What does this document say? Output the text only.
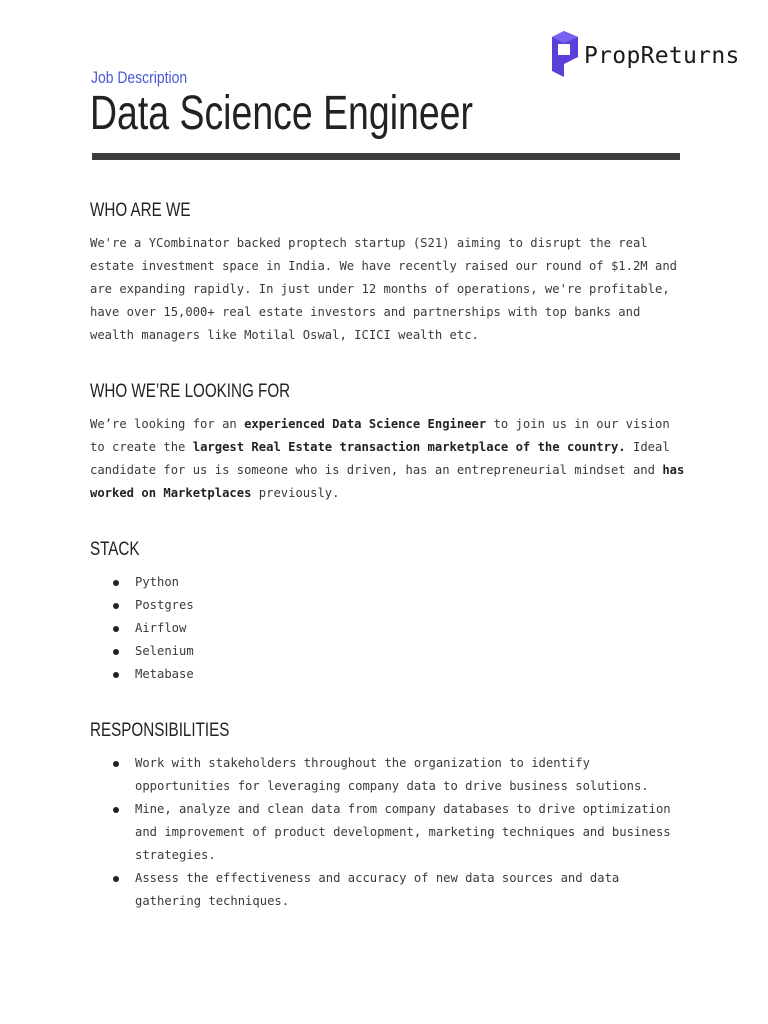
PropReturns
Job Description
Data Science Engineer
WHO ARE WE
We're a YCombinator backed proptech startup (S21) aiming to disrupt the real estate investment space in India. We have recently raised our round of $1.2M and are expanding rapidly. In just under 12 months of operations, we're profitable, have over 15,000+ real estate investors and partnerships with top banks and wealth managers like Motilal Oswal, ICICI wealth etc.
WHO WE’RE LOOKING FOR
We’re looking for an experienced Data Science Engineer to join us in our vision to create the largest Real Estate transaction marketplace of the country. Ideal candidate for us is someone who is driven, has an entrepreneurial mindset and has worked on Marketplaces previously.
STACK
Python
Postgres
Airflow
Selenium
Metabase
RESPONSIBILITIES
Work with stakeholders throughout the organization to identify opportunities for leveraging company data to drive business solutions.
Mine, analyze and clean data from company databases to drive optimization and improvement of product development, marketing techniques and business strategies.
Assess the effectiveness and accuracy of new data sources and data gathering techniques.
